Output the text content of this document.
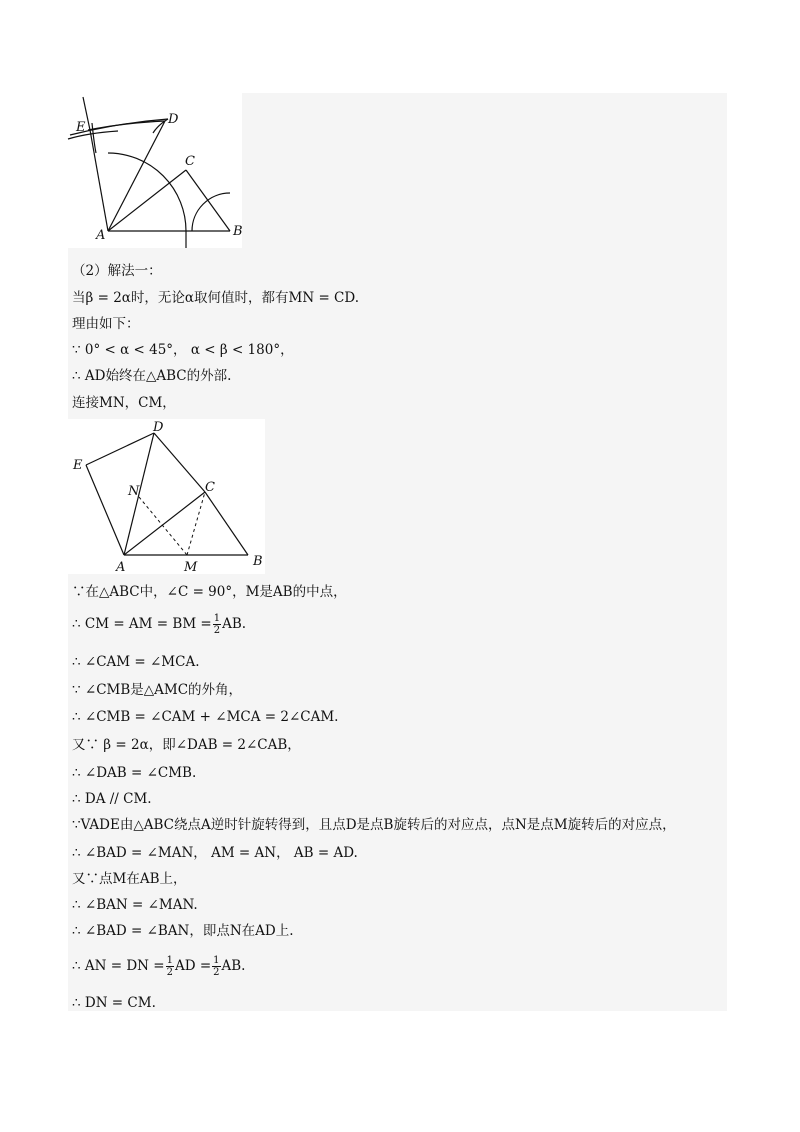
E
D
C
A	B
D
E
N	C
A	M	B
（2）解法一：
当β = 2α时，无论α取何值时，都有MN = CD.
理由如下：
∵ 0° < α < 45°， α < β < 180°，
∴ AD始终在△ABC的外部.
连接MN，CM，
∵在△ABC中，∠C = 90°，M是AB的中点，
∴ CM = AM = BM = $\frac{1}{2}$ AB.
∴ ∠CAM = ∠MCA.
∵ ∠CMB是△AMC的外角，
∴ ∠CMB = ∠CAM + ∠MCA = 2∠CAM.
又∵ β = 2α，即∠DAB = 2∠CAB，
∴ ∠DAB = ∠CMB.
∴ DA // CM.
∵VADE由△ABC绕点A逆时针旋转得到，且点D是点B旋转后的对应点，点N是点M旋转后的对应点，
∴ ∠BAD = ∠MAN， AM = AN， AB = AD.
又∵点M在AB上，
∴ ∠BAN = ∠MAN.
∴ ∠BAD = ∠BAN，即点N在AD上.
∴ AN = DN = $\frac{1}{2}$ AD = $\frac{1}{2}$ AB.
∴ DN = CM.
